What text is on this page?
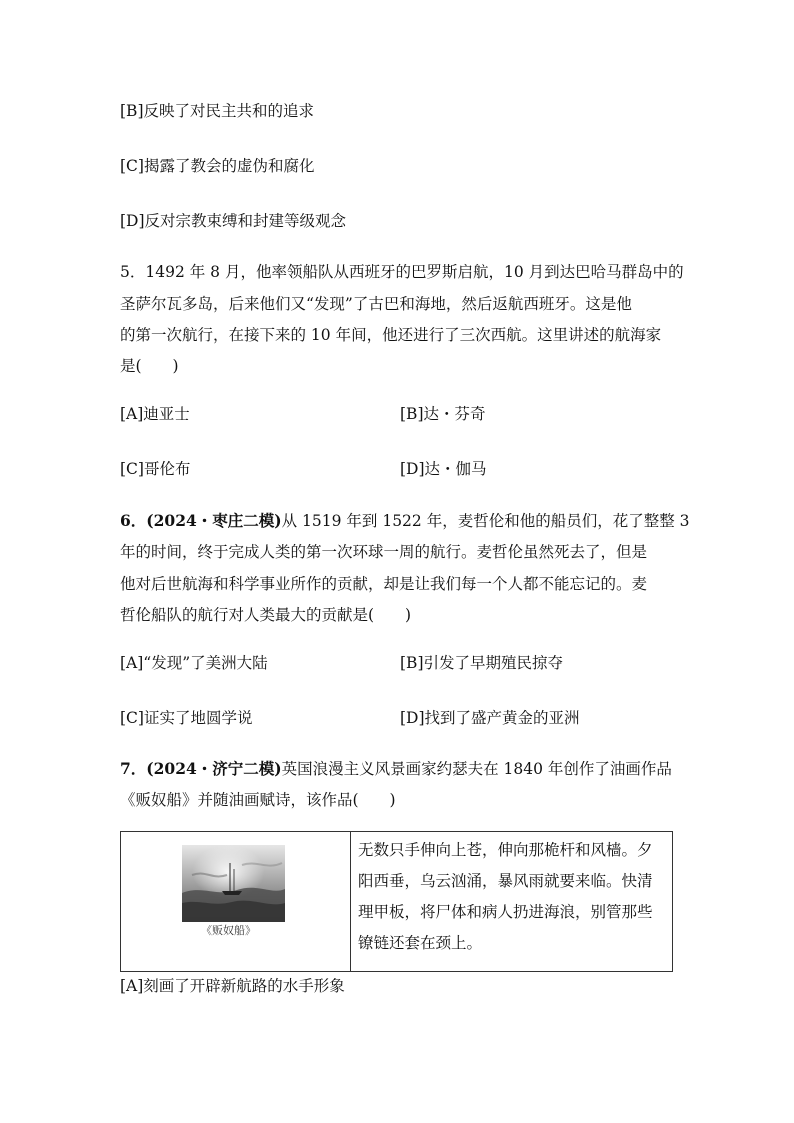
[B]反映了对民主共和的追求
[C]揭露了教会的虚伪和腐化
[D]反对宗教束缚和封建等级观念
5．1492 年 8 月，他率领船队从西班牙的巴罗斯启航，10 月到达巴哈马群岛中的
圣萨尔瓦多岛，后来他们又“发现”了古巴和海地，然后返航西班牙。这是他
的第一次航行，在接下来的 10 年间，他还进行了三次西航。这里讲述的航海家
是(　　)
[A]迪亚士	[B]达・芬奇
[C]哥伦布	[D]达・伽马
6．(2024・枣庄二模)从 1519 年到 1522 年，麦哲伦和他的船员们，花了整整 3
年的时间，终于完成人类的第一次环球一周的航行。麦哲伦虽然死去了，但是
他对后世航海和科学事业所作的贡献，却是让我们每一个人都不能忘记的。麦
哲伦船队的航行对人类最大的贡献是(　　)
[A]“发现”了美洲大陆	[B]引发了早期殖民掠夺
[C]证实了地圆学说	[D]找到了盛产黄金的亚洲
7．(2024・济宁二模)英国浪漫主义风景画家约瑟夫在 1840 年创作了油画作品
《贩奴船》并随油画赋诗，该作品(　　)
《贩奴船》
无数只手伸向上苍，伸向那桅杆和风樯。夕
阳西垂，乌云汹涌，暴风雨就要来临。快清
理甲板，将尸体和病人扔进海浪，别管那些
镣链还套在颈上。
[A]刻画了开辟新航路的水手形象
